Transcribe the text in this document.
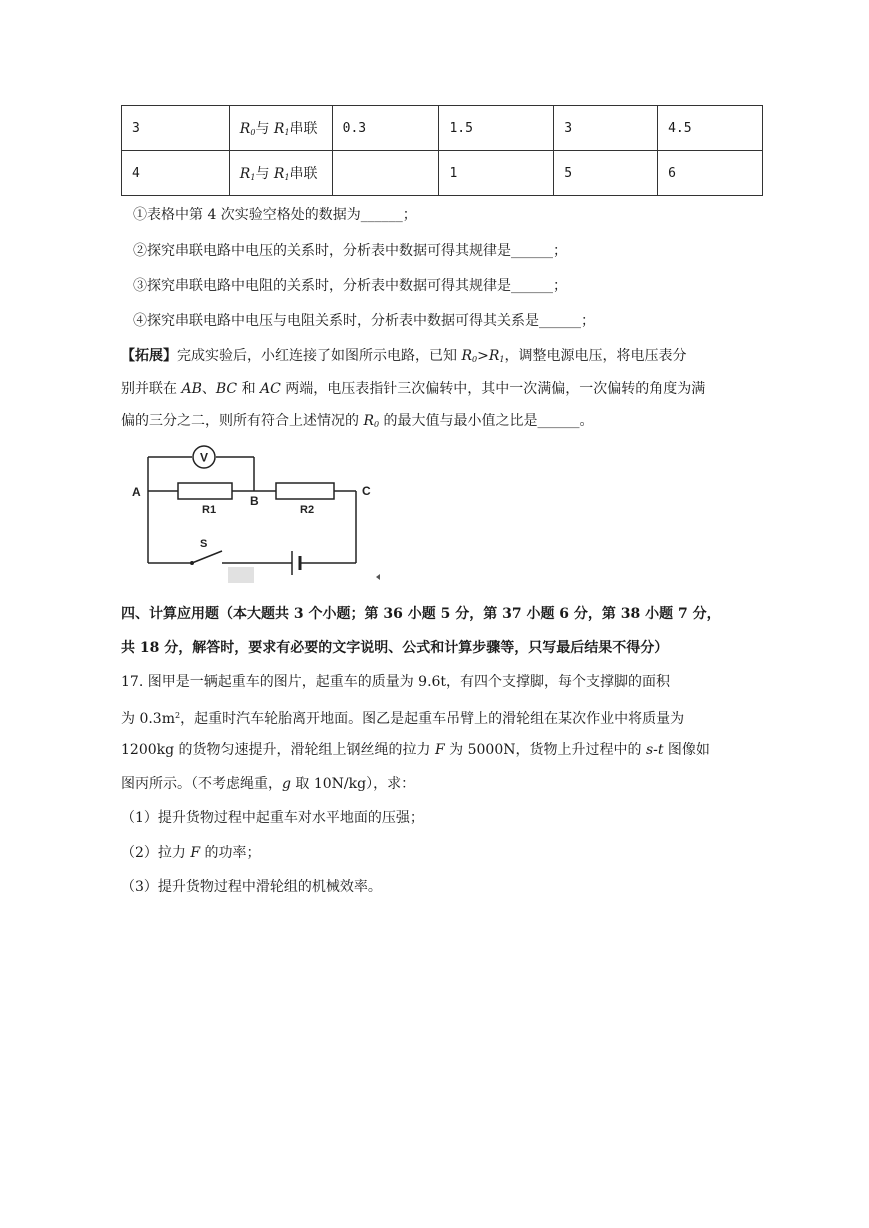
3	$R_0$与 $R_1$串联	0.3	1.5	3	4.5
4	$R_1$与 $R_1$串联		1	5	6
①表格中第 4 次实验空格处的数据为______；
②探究串联电路中电压的关系时，分析表中数据可得其规律是______；
③探究串联电路中电阻的关系时，分析表中数据可得其规律是______；
④探究串联电路中电压与电阻关系时，分析表中数据可得其关系是______；
【拓展】完成实验后，小红连接了如图所示电路，已知 $R_0>R_1$，调整电源电压，将电压表分
别并联在 AB、BC 和 AC 两端，电压表指针三次偏转中，其中一次满偏，一次偏转的角度为满
偏的三分之二，则所有符合上述情况的 $R_0$ 的最大值与最小值之比是______。
V
A
B
C
R1	R2
S
四、计算应用题（本大题共 3 个小题；第 36 小题 5 分，第 37 小题 6 分，第 38 小题 7 分，
共 18 分，解答时，要求有必要的文字说明、公式和计算步骤等，只写最后结果不得分）
17. 图甲是一辆起重车的图片，起重车的质量为 9.6t，有四个支撑脚，每个支撑脚的面积
为 $0.3m^2$，起重时汽车轮胎离开地面。图乙是起重车吊臂上的滑轮组在某次作业中将质量为
1200kg 的货物匀速提升，滑轮组上钢丝绳的拉力 F 为 5000N，货物上升过程中的 s-t 图像如
图丙所示。（不考虑绳重，g 取 10N/kg），求：
（1）提升货物过程中起重车对水平地面的压强；
（2）拉力 F 的功率；
（3）提升货物过程中滑轮组的机械效率。
